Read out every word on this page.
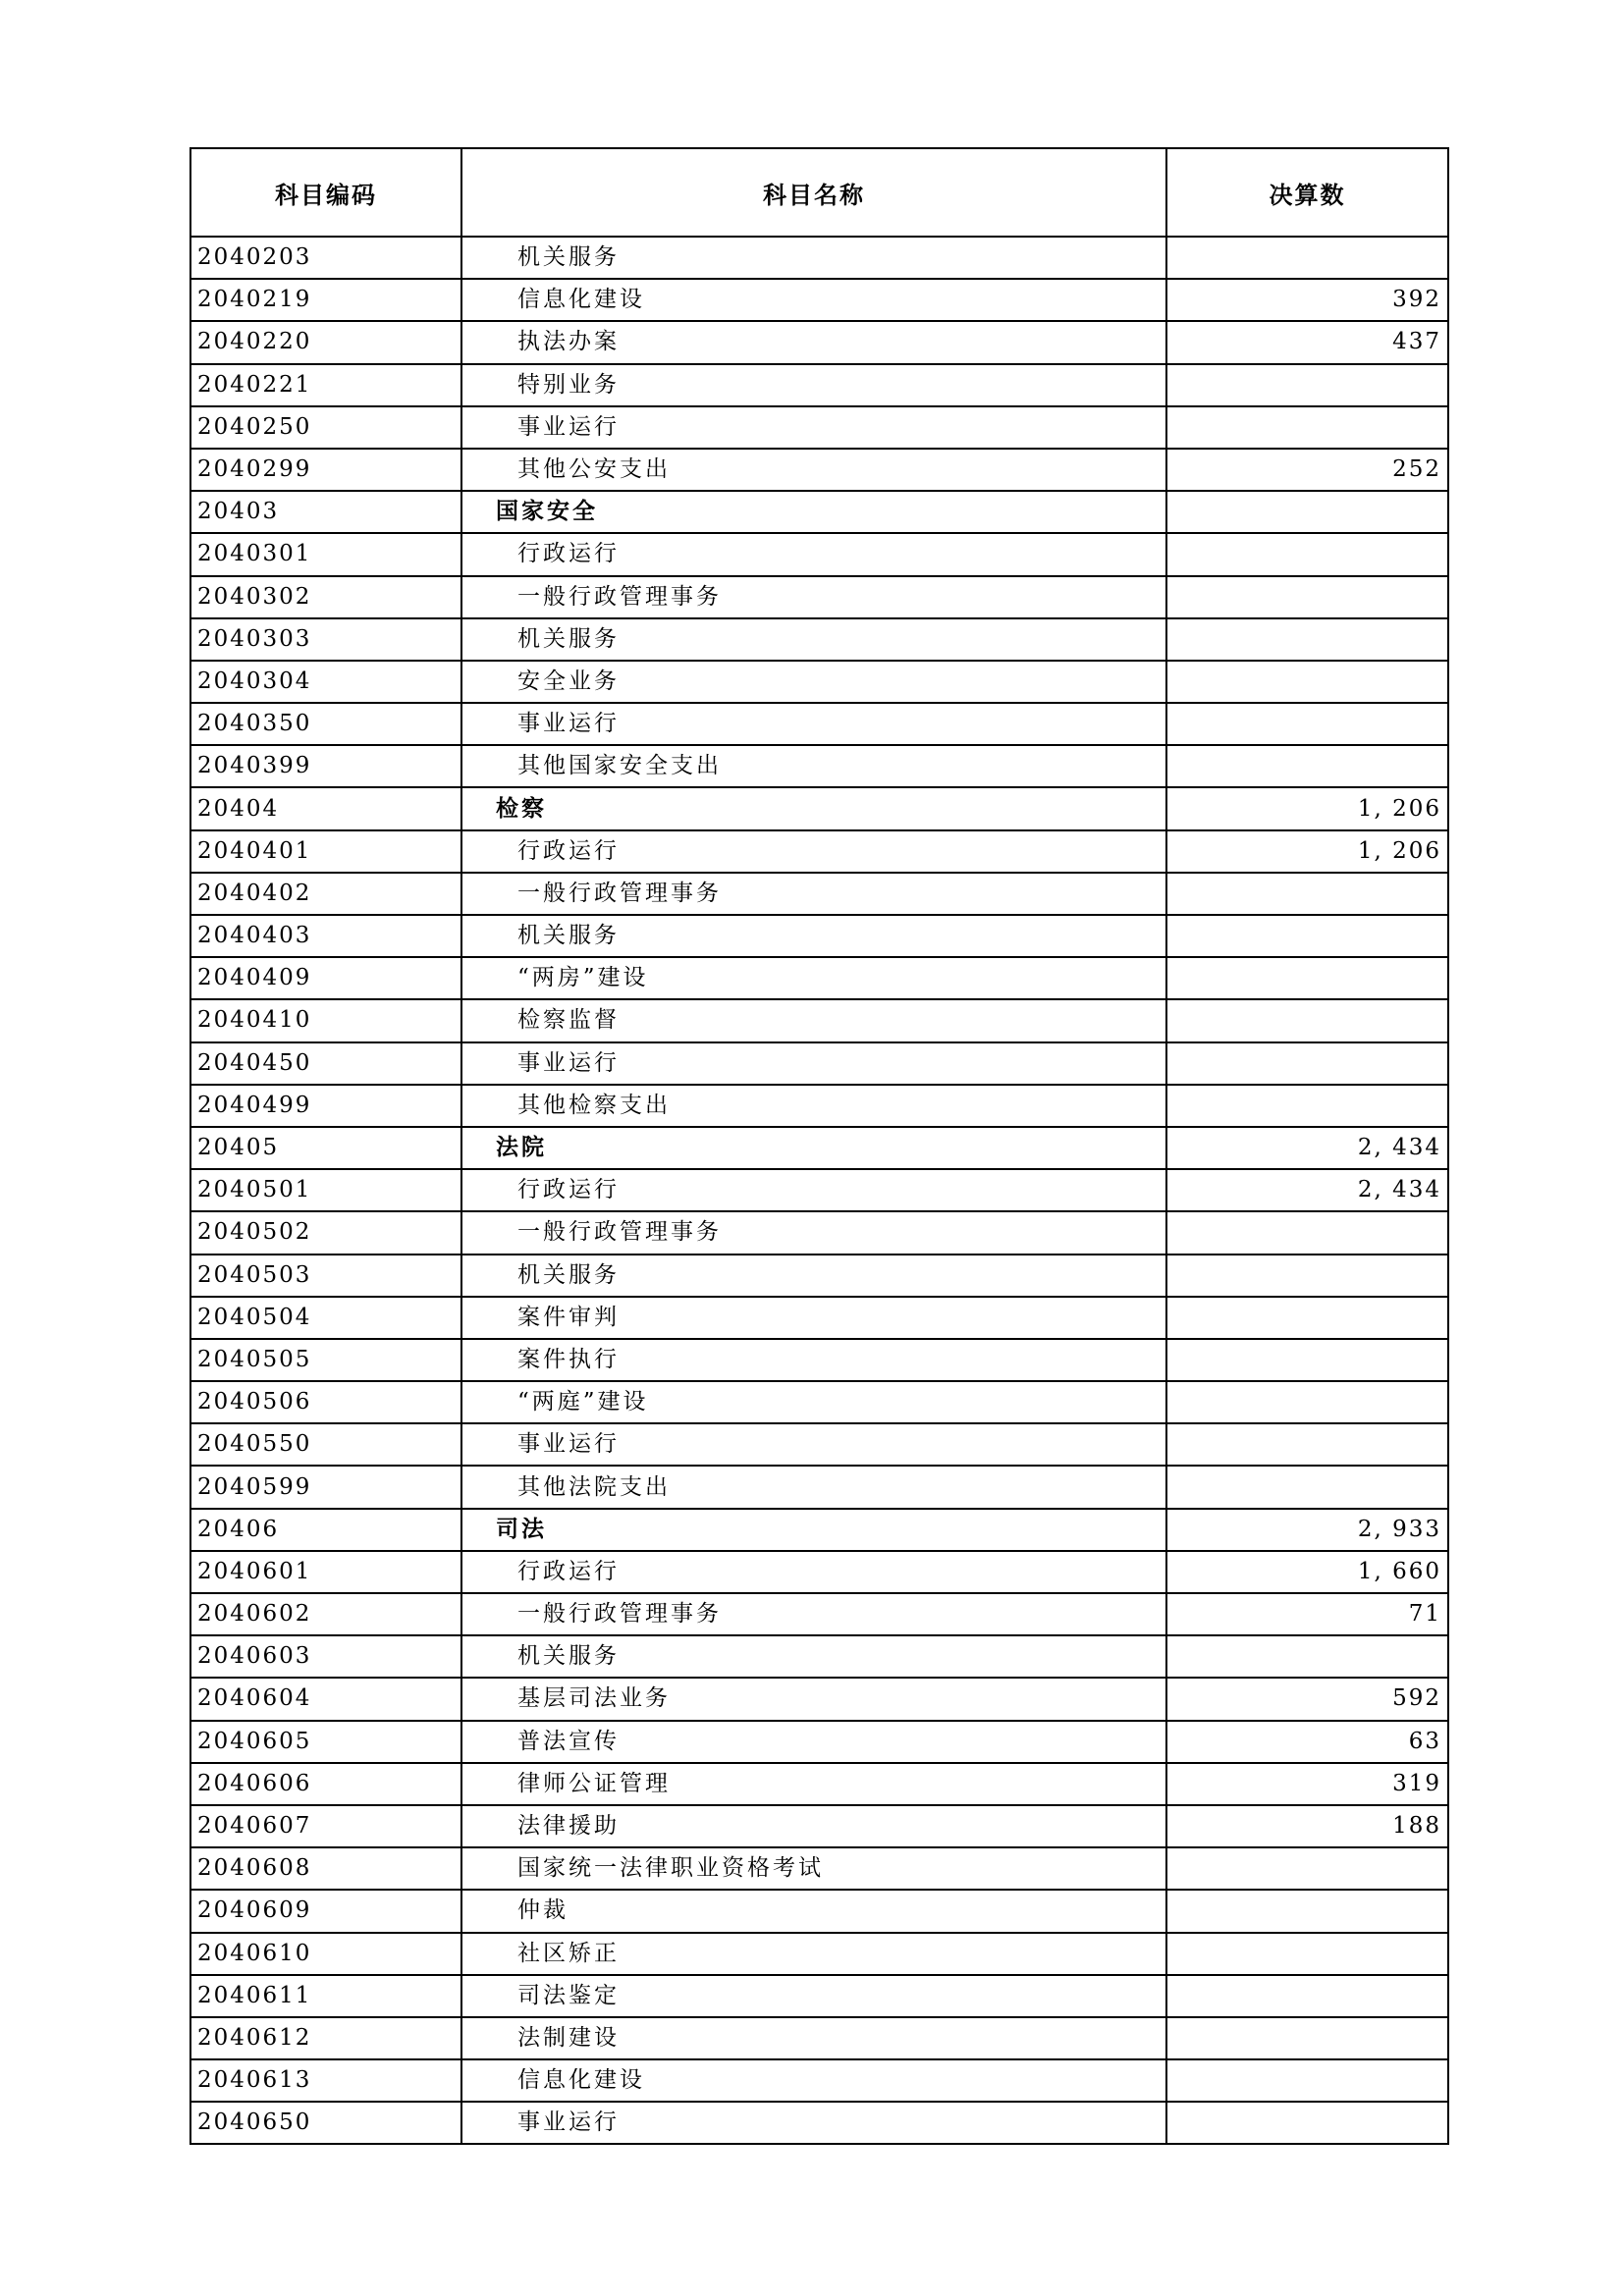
科目编码	科目名称	决算数
2040203	机关服务	
2040219	信息化建设	392
2040220	执法办案	437
2040221	特别业务	
2040250	事业运行	
2040299	其他公安支出	252
20403	国家安全	
2040301	行政运行	
2040302	一般行政管理事务	
2040303	机关服务	
2040304	安全业务	
2040350	事业运行	
2040399	其他国家安全支出	
20404	检察	1, 206
2040401	行政运行	1, 206
2040402	一般行政管理事务	
2040403	机关服务	
2040409	“两房”建设	
2040410	检察监督	
2040450	事业运行	
2040499	其他检察支出	
20405	法院	2, 434
2040501	行政运行	2, 434
2040502	一般行政管理事务	
2040503	机关服务	
2040504	案件审判	
2040505	案件执行	
2040506	“两庭”建设	
2040550	事业运行	
2040599	其他法院支出	
20406	司法	2, 933
2040601	行政运行	1, 660
2040602	一般行政管理事务	71
2040603	机关服务	
2040604	基层司法业务	592
2040605	普法宣传	63
2040606	律师公证管理	319
2040607	法律援助	188
2040608	国家统一法律职业资格考试	
2040609	仲裁	
2040610	社区矫正	
2040611	司法鉴定	
2040612	法制建设	
2040613	信息化建设	
2040650	事业运行	
